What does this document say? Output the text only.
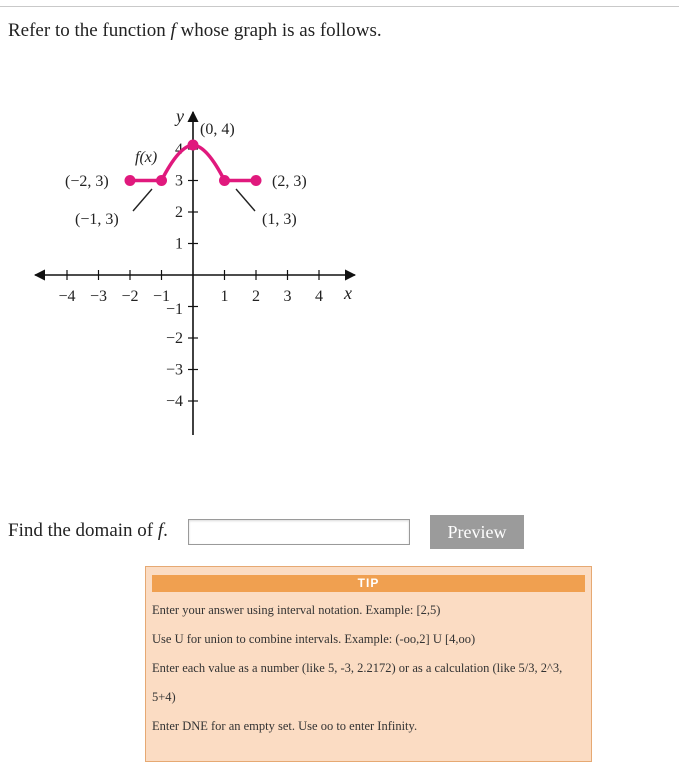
Refer to the function f whose graph is as follows.
−4 −3 −2 −1	1 2 3 4
4
3
2
1
−1
−2
−3
−4
y
x
f(x)
(0, 4)
(−2, 3)
(−1, 3)
(2, 3)
(1, 3)
Find the domain of f.	Preview
TIP
Enter your answer using interval notation. Example: [2,5)
Use U for union to combine intervals. Example: (-oo,2] U [4,oo)
Enter each value as a number (like 5, -3, 2.2172) or as a calculation (like 5/3, 2^3,
5+4)
Enter DNE for an empty set. Use oo to enter Infinity.
